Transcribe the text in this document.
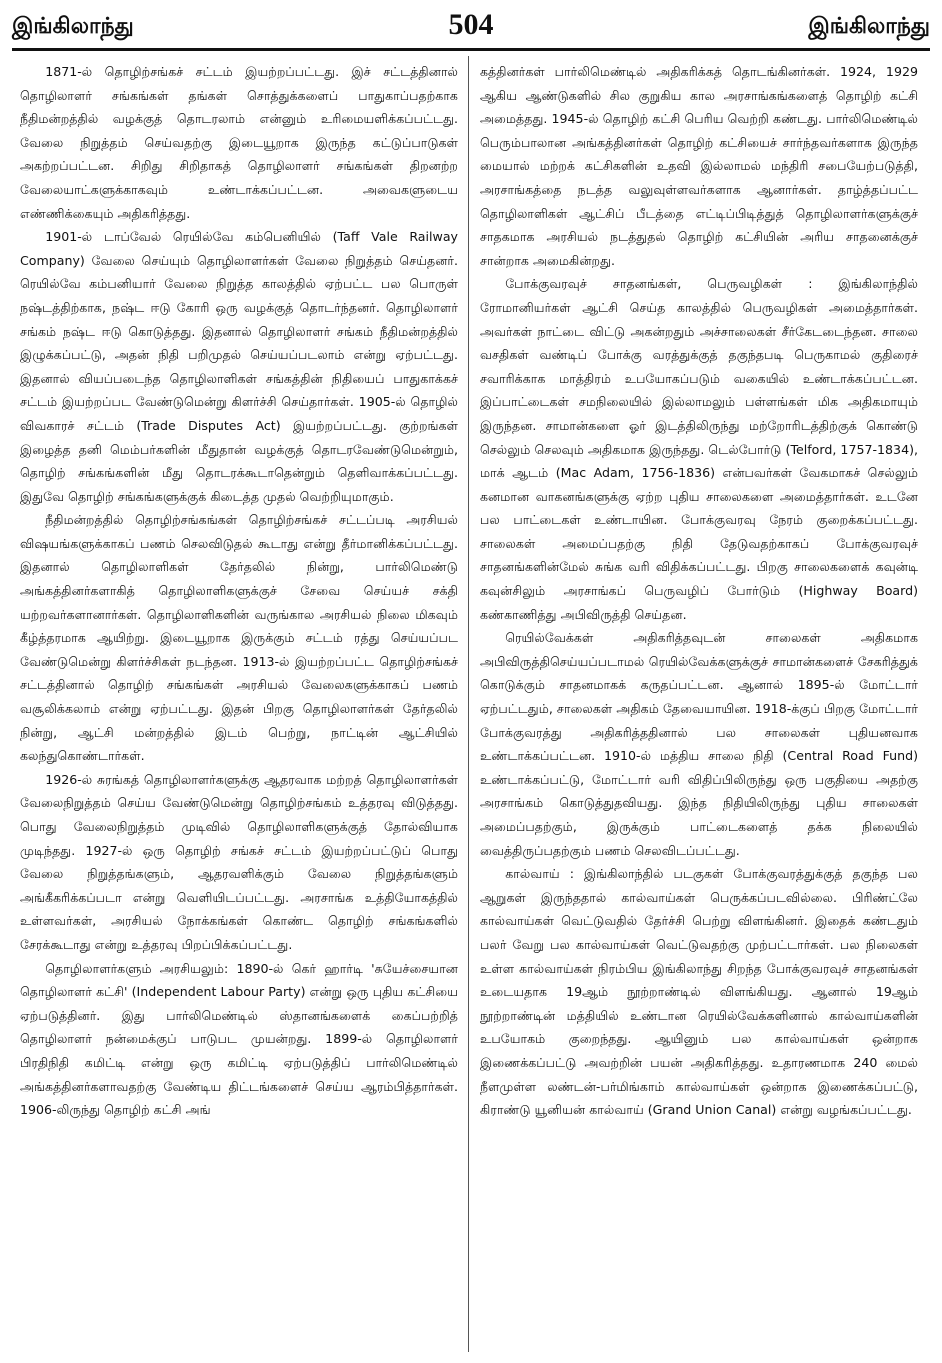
இங்கிலாந்து	504	இங்கிலாந்து

1871-ல் தொழிற்சங்கச் சட்டம் இயற்றப்பட்டது. இச் சட்டத்தினால் தொழிலாளர் சங்கங்கள் தங்கள் சொத்துக்களைப் பாதுகாப்பதற்காக நீதிமன்றத்தில் வழக்குத் தொடரலாம் என்னும் உரிமையளிக்கப்பட்டது. வேலை நிறுத்தம் செய்வதற்கு இடையூறாக இருந்த கட்டுப்பாடுகள் அகற்றப்பட்டன. சிறிது சிறிதாகத் தொழிலாளர் சங்கங்கள் திறனற்ற வேலையாட்களுக்காகவும் உண்டாக்கப்பட்டன. அவைகளுடைய எண்ணிக்கையும் அதிகரித்தது.

1901-ல் டாப்வேல் ரெயில்வே கம்பெனியில் (Taff Vale Railway Company) வேலை செய்யும் தொழிலாளர்கள் வேலை நிறுத்தம் செய்தனர். ரெயில்வே கம்பனியார் வேலை நிறுத்த காலத்தில் ஏற்பட்ட பல பொருள் நஷ்டத்திற்காக, நஷ்ட ஈடு கோரி ஒரு வழக்குத் தொடர்ந்தனர். தொழிலாளர் சங்கம் நஷ்ட ஈடு கொடுத்தது. இதனால் தொழிலாளர் சங்கம் நீதிமன்றத்தில் இழுக்கப்பட்டு, அதன் நிதி பறிமுதல் செய்யப்படலாம் என்று ஏற்பட்டது. இதனால் வியப்படைந்த தொழிலாளிகள் சங்கத்தின் நிதியைப் பாதுகாக்கச் சட்டம் இயற்றப்பட வேண்டுமென்று கிளர்ச்சி செய்தார்கள். 1905-ல் தொழில் விவகாரச் சட்டம் (Trade Disputes Act) இயற்றப்பட்டது. குற்றங்கள் இழைத்த தனி மெம்பர்களின் மீதுதான் வழக்குத் தொடரவேண்டுமென்றும், தொழிற் சங்கங்களின் மீது தொடரக்கூடாதென்றும் தெளிவாக்கப்பட்டது. இதுவே தொழிற் சங்கங்களுக்குக் கிடைத்த முதல் வெற்றியுமாகும்.

நீதிமன்றத்தில் தொழிற்சங்கங்கள் தொழிற்சங்கச் சட்டப்படி அரசியல் விஷயங்களுக்காகப் பணம் செலவிடுதல் கூடாது என்று தீர்மானிக்கப்பட்டது. இதனால் தொழிலாளிகள் தேர்தலில் நின்று, பார்லிமெண்டு அங்கத்தினர்களாகித் தொழிலாளிகளுக்குச் சேவை செய்யச் சக்தி யற்றவர்களானார்கள். தொழிலாளிகளின் வருங்கால அரசியல் நிலை மிகவும் கீழ்த்தரமாக ஆயிற்று. இடையூறாக இருக்கும் சட்டம் ரத்து செய்யப்பட வேண்டுமென்று கிளர்ச்சிகள் நடந்தன. 1913-ல் இயற்றப்பட்ட தொழிற்சங்கச் சட்டத்தினால் தொழிற் சங்கங்கள் அரசியல் வேலைகளுக்காகப் பணம் வசூலிக்கலாம் என்று ஏற்பட்டது. இதன் பிறகு தொழிலாளர்கள் தேர்தலில் நின்று, ஆட்சி மன்றத்தில் இடம் பெற்று, நாட்டின் ஆட்சியில் கலந்துகொண்டார்கள்.

1926-ல் சுரங்கத் தொழிலாளர்களுக்கு ஆதரவாக மற்றத் தொழிலாளர்கள் வேலைநிறுத்தம் செய்ய வேண்டுமென்று தொழிற்சங்கம் உத்தரவு விடுத்தது. பொது வேலைநிறுத்தம் முடிவில் தொழிலாளிகளுக்குத் தோல்வியாக முடிந்தது. 1927-ல் ஒரு தொழிற் சங்கச் சட்டம் இயற்றப்பட்டுப் பொது வேலை நிறுத்தங்களும், ஆதரவளிக்கும் வேலை நிறுத்தங்களும் அங்கீகரிக்கப்படா என்று வெளியிடப்பட்டது. அரசாங்க உத்தியோகத்தில் உள்ளவர்கள், அரசியல் நோக்கங்கள் கொண்ட தொழிற் சங்கங்களில் சேரக்கூடாது என்று உத்தரவு பிறப்பிக்கப்பட்டது.

தொழிலாளர்களும் அரசியலும்: 1890-ல் கெர் ஹார்டி 'சுயேச்சையான தொழிலாளர் கட்சி' (Independent Labour Party) என்று ஒரு புதிய கட்சியை ஏற்படுத்தினர். இது பார்லிமெண்டில் ஸ்தானங்களைக் கைப்பற்றித் தொழிலாளர் நன்மைக்குப் பாடுபட முயன்றது. 1899-ல் தொழிலாளர் பிரதிநிதி கமிட்டி என்று ஒரு கமிட்டி ஏற்படுத்திப் பார்லிமெண்டில் அங்கத்தினர்களாவதற்கு வேண்டிய திட்டங்களைச் செய்ய ஆரம்பித்தார்கள். 1906-லிருந்து தொழிற் கட்சி அங்

கத்தினர்கள் பார்லிமெண்டில் அதிகரிக்கத் தொடங்கினர்கள். 1924, 1929 ஆகிய ஆண்டுகளில் சில குறுகிய கால அரசாங்கங்களைத் தொழிற் கட்சி அமைத்தது. 1945-ல் தொழிற் கட்சி பெரிய வெற்றி கண்டது. பார்லிமெண்டில் பெரும்பாலான அங்கத்தினர்கள் தொழிற் கட்சியைச் சார்ந்தவர்களாக இருந்த மையால் மற்றக் கட்சிகளின் உதவி இல்லாமல் மந்திரி சபையேற்படுத்தி, அரசாங்கத்தை நடத்த வலுவுள்ளவர்களாக ஆனார்கள். தாழ்த்தப்பட்ட தொழிலாளிகள் ஆட்சிப் பீடத்தை எட்டிப்பிடித்துத் தொழிலாளர்களுக்குச் சாதகமாக அரசியல் நடத்துதல் தொழிற் கட்சியின் அரிய சாதனைக்குச் சான்றாக அமைகின்றது.

போக்குவரவுச் சாதனங்கள், பெருவழிகள் : இங்கிலாந்தில் ரோமானியர்கள் ஆட்சி செய்த காலத்தில் பெருவழிகள் அமைத்தார்கள். அவர்கள் நாட்டை விட்டு அகன்றதும் அச்சாலைகள் சீர்கேடடைந்தன. சாலை வசதிகள் வண்டிப் போக்கு வரத்துக்குத் தகுந்தபடி பெருகாமல் குதிரைச் சவாரிக்காக மாத்திரம் உபயோகப்படும் வகையில் உண்டாக்கப்பட்டன. இப்பாட்டைகள் சமநிலையில் இல்லாமலும் பள்ளங்கள் மிக அதிகமாயும் இருந்தன. சாமான்களை ஓர் இடத்திலிருந்து மற்றோரிடத்திற்குக் கொண்டு செல்லும் செலவும் அதிகமாக இருந்தது. டெல்போர்டு (Telford, 1757-1834), மாக் ஆடம் (Mac Adam, 1756-1836) என்பவர்கள் வேகமாகச் செல்லும் கனமான வாகனங்களுக்கு ஏற்ற புதிய சாலைகளை அமைத்தார்கள். உடனே பல பாட்டைகள் உண்டாயின. போக்குவரவு நேரம் குறைக்கப்பட்டது. சாலைகள் அமைப்பதற்கு நிதி தேடுவதற்காகப் போக்குவரவுச் சாதனங்களின்மேல் சுங்க வரி விதிக்கப்பட்டது. பிறகு சாலைகளைக் கவுன்டி கவுன்சிலும் அரசாங்கப் பெருவழிப் போர்டும் (Highway Board) கண்காணித்து அபிவிருத்தி செய்தன.

ரெயில்வேக்கள் அதிகரித்தவுடன் சாலைகள் அதிகமாக அபிவிருத்திசெய்யப்படாமல் ரெயில்வேக்களுக்குச் சாமான்களைச் சேகரித்துக் கொடுக்கும் சாதனமாகக் கருதப்பட்டன. ஆனால் 1895-ல் மோட்டார் ஏற்பட்டதும், சாலைகள் அதிகம் தேவையாயின. 1918-க்குப் பிறகு மோட்டார் போக்குவரத்து அதிகரித்ததினால் பல சாலைகள் புதியனவாக உண்டாக்கப்பட்டன. 1910-ல் மத்திய சாலை நிதி (Central Road Fund) உண்டாக்கப்பட்டு, மோட்டார் வரி விதிப்பிலிருந்து ஒரு பகுதியை அதற்கு அரசாங்கம் கொடுத்துதவியது. இந்த நிதியிலிருந்து புதிய சாலைகள் அமைப்பதற்கும், இருக்கும் பாட்டைகளைத் தக்க நிலையில் வைத்திருப்பதற்கும் பணம் செலவிடப்பட்டது.

கால்வாய் : இங்கிலாந்தில் படகுகள் போக்குவரத்துக்குத் தகுந்த பல ஆறுகள் இருந்ததால் கால்வாய்கள் பெருக்கப்படவில்லை. பிரிண்ட்லே கால்வாய்கள் வெட்டுவதில் தேர்ச்சி பெற்று விளங்கினர். இதைக் கண்டதும் பலர் வேறு பல கால்வாய்கள் வெட்டுவதற்கு முற்பட்டார்கள். பல நிலைகள் உள்ள கால்வாய்கள் நிரம்பிய இங்கிலாந்து சிறந்த போக்குவரவுச் சாதனங்கள் உடையதாக 19ஆம் நூற்றாண்டில் விளங்கியது. ஆனால் 19ஆம் நூற்றாண்டின் மத்தியில் உண்டான ரெயில்வேக்களினால் கால்வாய்களின் உபயோகம் குறைந்தது. ஆயினும் பல கால்வாய்கள் ஒன்றாக இணைக்கப்பட்டு அவற்றின் பயன் அதிகரித்தது. உதாரணமாக 240 மைல் நீளமுள்ள லண்டன்-பர்மிங்காம் கால்வாய்கள் ஒன்றாக இணைக்கப்பட்டு, கிராண்டு யூனியன் கால்வாய் (Grand Union Canal) என்று வழங்கப்பட்டது.
